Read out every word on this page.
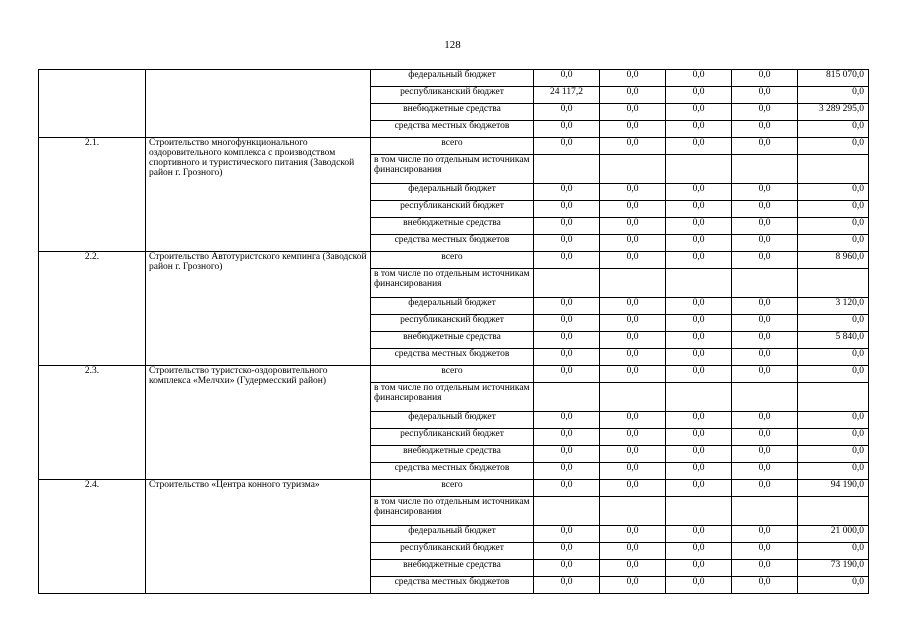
128
		федеральный бюджет	0,0	0,0	0,0	0,0	815 070,0
		республиканский бюджет	24 117,2	0,0	0,0	0,0	0,0
		внебюджетные средства	0,0	0,0	0,0	0,0	3 289 295,0
		средства местных бюджетов	0,0	0,0	0,0	0,0	0,0
2.1.	Строительство многофункционального оздоровительного комплекса с производством спортивного и туристического питания (Заводской район г. Грозного)	всего	0,0	0,0	0,0	0,0	0,0
		в том числе по отдельным источникам финансирования					
		федеральный бюджет	0,0	0,0	0,0	0,0	0,0
		республиканский бюджет	0,0	0,0	0,0	0,0	0,0
		внебюджетные средства	0,0	0,0	0,0	0,0	0,0
		средства местных бюджетов	0,0	0,0	0,0	0,0	0,0
2.2.	Строительство Автотуристского кемпинга (Заводской район г. Грозного)	всего	0,0	0,0	0,0	0,0	8 960,0
		в том числе по отдельным источникам финансирования					
		федеральный бюджет	0,0	0,0	0,0	0,0	3 120,0
		республиканский бюджет	0,0	0,0	0,0	0,0	0,0
		внебюджетные средства	0,0	0,0	0,0	0,0	5 840,0
		средства местных бюджетов	0,0	0,0	0,0	0,0	0,0
2.3.	Строительство туристско-оздоровительного комплекса «Мелчхи» (Гудермесский район)	всего	0,0	0,0	0,0	0,0	0,0
		в том числе по отдельным источникам финансирования					
		федеральный бюджет	0,0	0,0	0,0	0,0	0,0
		республиканский бюджет	0,0	0,0	0,0	0,0	0,0
		внебюджетные средства	0,0	0,0	0,0	0,0	0,0
		средства местных бюджетов	0,0	0,0	0,0	0,0	0,0
2.4.	Строительство «Центра конного туризма»	всего	0,0	0,0	0,0	0,0	94 190,0
		в том числе по отдельным источникам финансирования					
		федеральный бюджет	0,0	0,0	0,0	0,0	21 000,0
		республиканский бюджет	0,0	0,0	0,0	0,0	0,0
		внебюджетные средства	0,0	0,0	0,0	0,0	73 190,0
		средства местных бюджетов	0,0	0,0	0,0	0,0	0,0
